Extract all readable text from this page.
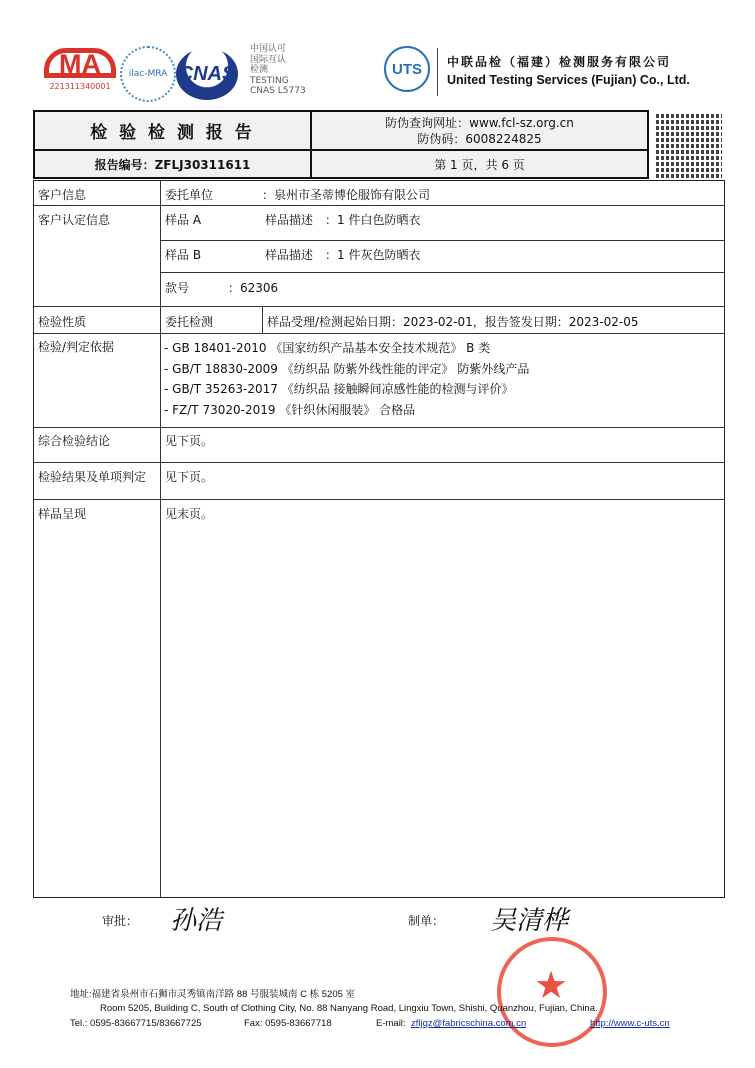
MA
221311340001
ilac-MRA CNAS
中国认可
国际互认
检测
TESTING
CNAS L5773
UTS	中联品检（福建）检测服务有限公司
United Testing Services (Fujian) Co., Ltd.
检 验 检 测 报 告
报告编号：ZFLJ30311611
防伪查询网址：www.fcl-sz.org.cn
防伪码：6008224825
第 1 页，共 6 页
客户信息	委托单位	：泉州市圣蒂博伦服饰有限公司
客户认定信息	样品 A	样品描述 ：1 件白色防晒衣
样品 B	样品描述 ：1 件灰色防晒衣
款号	：62306
检验性质	委托检测	样品受理/检测起始日期：2023-02-01，报告签发日期：2023-02-05
检验/判定依据	- GB 18401-2010 《国家纺织产品基本安全技术规范》 B 类
- GB/T 18830-2009 《纺织品 防紫外线性能的评定》 防紫外线产品
- GB/T 35263-2017 《纺织品 接触瞬间凉感性能的检测与评价》
- FZ/T 73020-2019 《针织休闲服装》 合格品
综合检验结论	见下页。
检验结果及单项判定 见下页。
样品呈现	见末页。
审批： 孙浩	制单： 吴清桦
★
地址:福建省泉州市石狮市灵秀镇南洋路 88 号服装城南 C 栋 5205 室
Room 5205, Building C, South of Clothing City, No. 88 Nanyang Road, Lingxiu Town, Shishi, Quanzhou, Fujian, China.
Tel.: 0595-83667715/83667725	Fax: 0595-83667718	E-mail: zfljqz@fabricschina.com.cn	http://www.c-uts.cn
